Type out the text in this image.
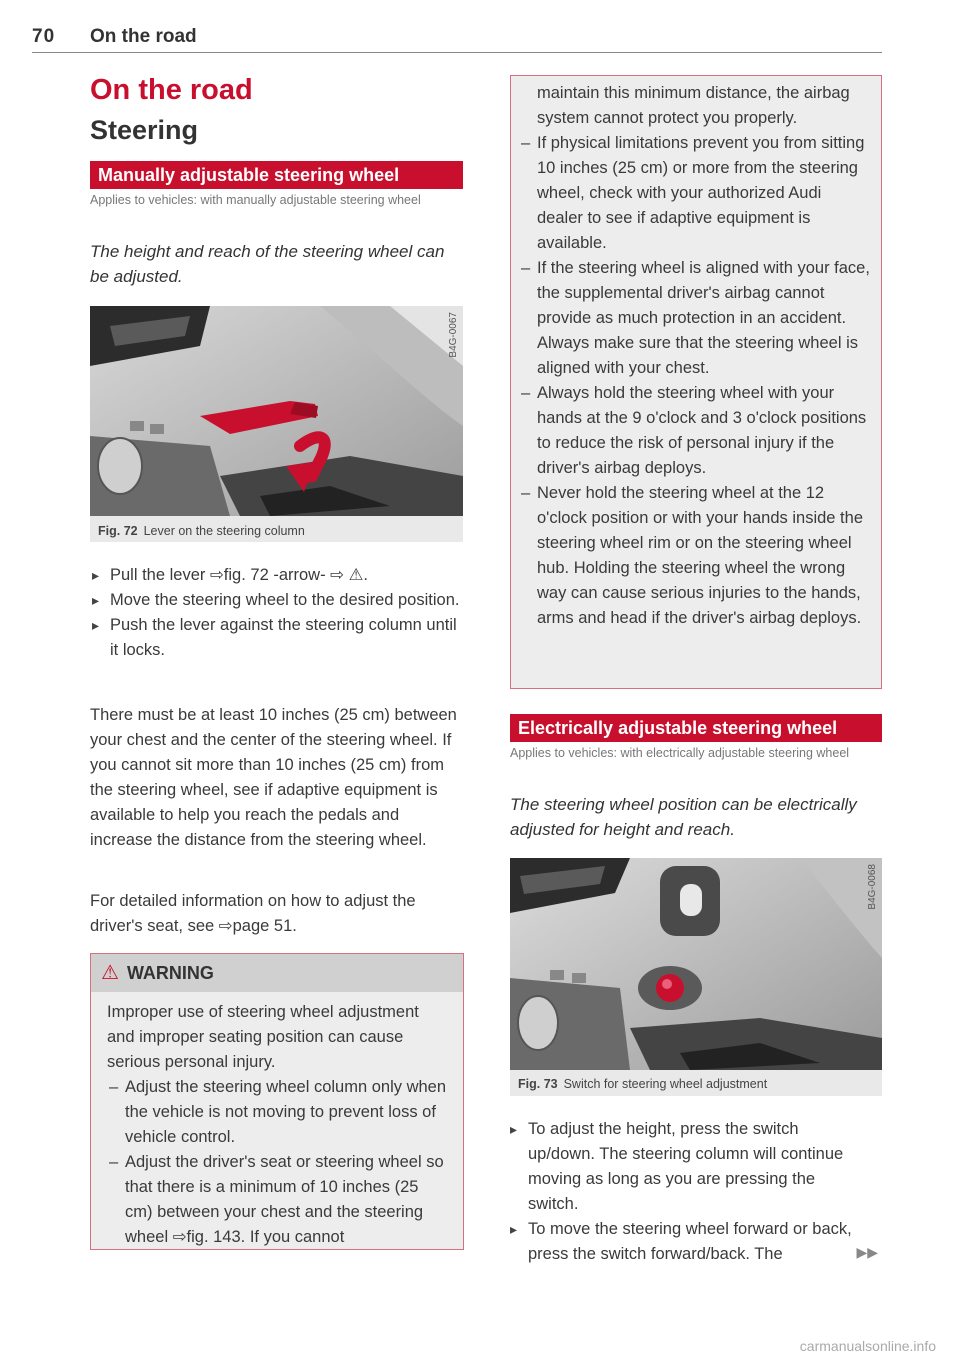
70 On the road
On the road
Steering
Manually adjustable steering wheel
Applies to vehicles: with manually adjustable steering wheel
The height and reach of the steering wheel can be adjusted.
B4G-0067
Fig. 72 Lever on the steering column
▸ Pull the lever ⇨fig. 72 -arrow- ⇨ ⚠.
▸ Move the steering wheel to the desired position.
▸ Push the lever against the steering column until it locks.
There must be at least 10 inches (25 cm) between your chest and the center of the steering wheel. If you cannot sit more than 10 inches (25 cm) from the steering wheel, see if adaptive equipment is available to help you reach the pedals and increase the distance from the steering wheel.
For detailed information on how to adjust the driver's seat, see ⇨page 51.
⚠ WARNING
Improper use of steering wheel adjustment and improper seating position can cause serious personal injury.
– Adjust the steering wheel column only when the vehicle is not moving to prevent loss of vehicle control.
– Adjust the driver's seat or steering wheel so that there is a minimum of 10 inches (25 cm) between your chest and the steering wheel ⇨fig. 143. If you cannot
maintain this minimum distance, the airbag system cannot protect you properly.
– If physical limitations prevent you from sitting 10 inches (25 cm) or more from the steering wheel, check with your authorized Audi dealer to see if adaptive equipment is available.
– If the steering wheel is aligned with your face, the supplemental driver's airbag cannot provide as much protection in an accident. Always make sure that the steering wheel is aligned with your chest.
– Always hold the steering wheel with your hands at the 9 o'clock and 3 o'clock positions to reduce the risk of personal injury if the driver's airbag deploys.
– Never hold the steering wheel at the 12 o'clock position or with your hands inside the steering wheel rim or on the steering wheel hub. Holding the steering wheel the wrong way can cause serious injuries to the hands, arms and head if the driver's airbag deploys.
Electrically adjustable steering wheel
Applies to vehicles: with electrically adjustable steering wheel
The steering wheel position can be electrically adjusted for height and reach.
B4G-0068
Fig. 73 Switch for steering wheel adjustment
▸ To adjust the height, press the switch up/down. The steering column will continue moving as long as you are pressing the switch.
▸ To move the steering wheel forward or back, press the switch forward/back. The	▶▶
carmanualsonline.info
